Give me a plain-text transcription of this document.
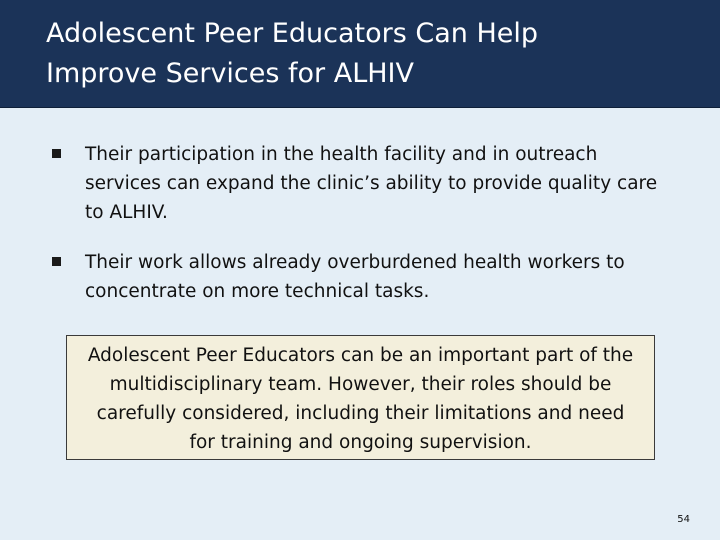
Adolescent Peer Educators Can Help
Improve Services for ALHIV
Their participation in the health facility and in outreach
services can expand the clinic’s ability to provide quality care
to ALHIV.
Their work allows already overburdened health workers to
concentrate on more technical tasks.
Adolescent Peer Educators can be an important part of the
multidisciplinary team. However, their roles should be
carefully considered, including their limitations and need
for training and ongoing supervision.
54
